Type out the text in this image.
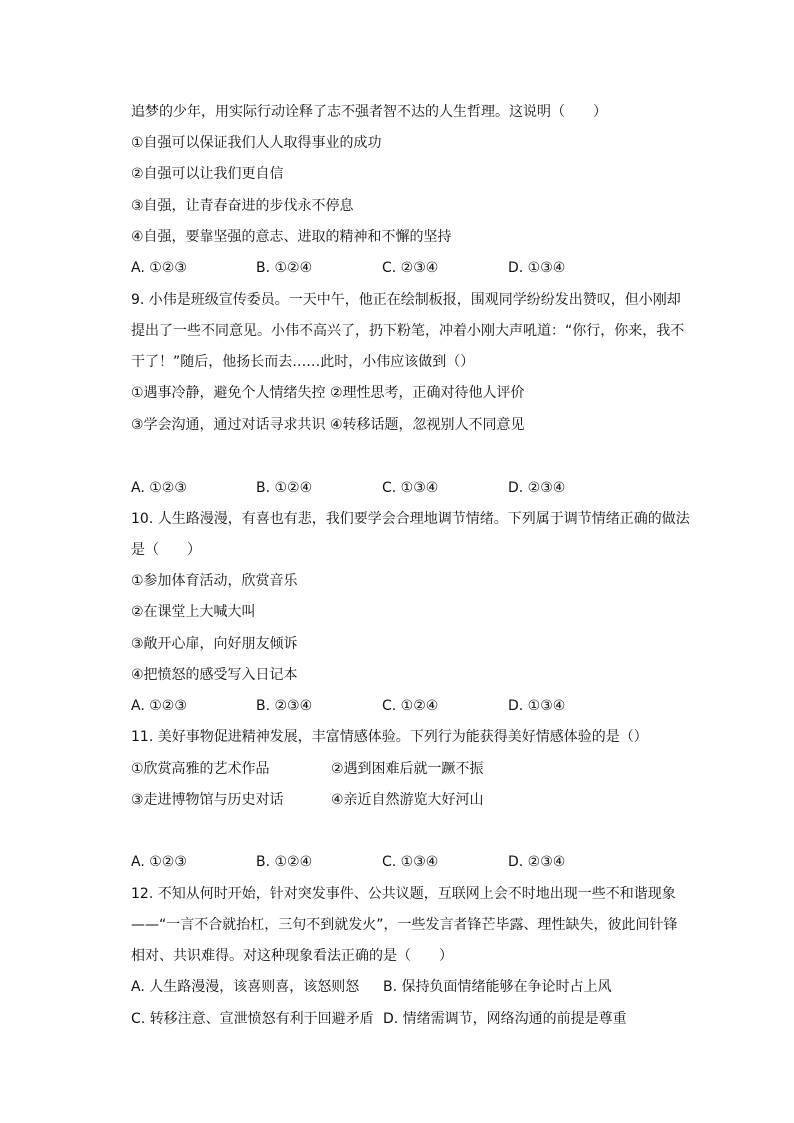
追梦的少年，用实际行动诠释了志不强者智不达的人生哲理。这说明（　　）
①自强可以保证我们人人取得事业的成功
②自强可以让我们更自信
③自强，让青春奋进的步伐永不停息
④自强，要靠坚强的意志、进取的精神和不懈的坚持
A. ①②③	B. ①②④	C. ②③④	D. ①③④
9. 小伟是班级宣传委员。一天中午，他正在绘制板报，围观同学纷纷发出赞叹，但小刚却
提出了一些不同意见。小伟不高兴了，扔下粉笔，冲着小刚大声吼道：“你行，你来，我不
干了！”随后，他扬长而去……此时，小伟应该做到（）
①遇事冷静，避免个人情绪失控 ②理性思考，正确对待他人评价
③学会沟通，通过对话寻求共识 ④转移话题，忽视别人不同意见
A. ①②③	B. ①②④	C. ①③④	D. ②③④
10. 人生路漫漫，有喜也有悲，我们要学会合理地调节情绪。下列属于调节情绪正确的做法
是（　　）
①参加体育活动，欣赏音乐
②在课堂上大喊大叫
③敞开心扉，向好朋友倾诉
④把愤怒的感受写入日记本
A. ①②③	B. ②③④	C. ①②④	D. ①③④
11. 美好事物促进精神发展，丰富情感体验。下列行为能获得美好情感体验的是（）
①欣赏高雅的艺术作品	②遇到困难后就一蹶不振
③走进博物馆与历史对话	④亲近自然游览大好河山
A. ①②③	B. ①②④	C. ①③④	D. ②③④
12. 不知从何时开始，针对突发事件、公共议题，互联网上会不时地出现一些不和谐现象
——“一言不合就抬杠，三句不到就发火”，一些发言者锋芒毕露、理性缺失，彼此间针锋
相对、共识难得。对这种现象看法正确的是（　　）
A. 人生路漫漫，该喜则喜，该怒则怒 B. 保持负面情绪能够在争论时占上风
C. 转移注意、宣泄愤怒有利于回避矛盾 D. 情绪需调节，网络沟通的前提是尊重
